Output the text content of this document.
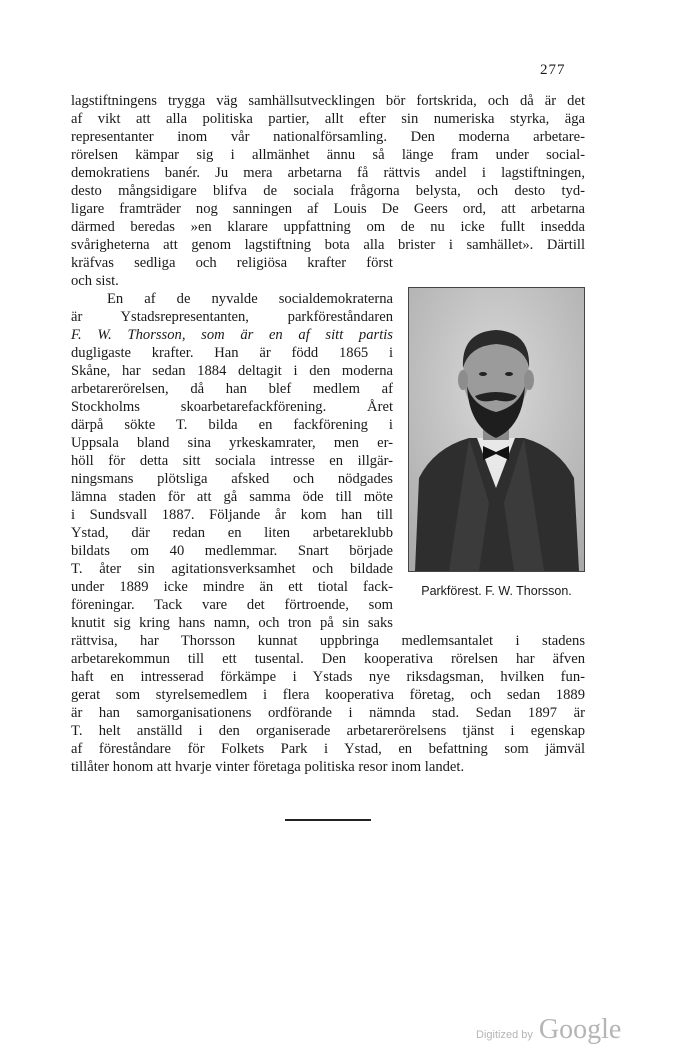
277
lagstiftningens trygga väg samhällsutvecklingen bör fortskrida, och då är det
af vikt att alla politiska partier, allt efter sin numeriska styrka, äga
representanter inom vår nationalförsamling. Den moderna arbetare-
rörelsen kämpar sig i allmänhet ännu så länge fram under social-
demokratiens banér. Ju mera arbetarna få rättvis andel i lagstiftningen,
desto mångsidigare blifva de sociala frågorna belysta, och desto tyd-
ligare framträder nog sanningen af Louis De Geers ord, att arbetarna
därmed beredas »en klarare uppfattning om de nu icke fullt insedda
svårigheterna att genom lagstiftning bota alla brister i samhället». Därtill
kräfvas sedliga och religiösa krafter först
och sist.
En af de nyvalde socialdemokraterna
är Ystadsrepresentanten, parkföreståndaren
F. W. Thorsson, som är en af sitt partis
dugligaste krafter. Han är född 1865 i
Skåne, har sedan 1884 deltagit i den moderna
arbetarerörelsen, då han blef medlem af
Stockholms skoarbetarefackförening. Året
därpå sökte T. bilda en fackförening i
Uppsala bland sina yrkeskamrater, men er-
höll för detta sitt sociala intresse en illgär-
ningsmans plötsliga afsked och nödgades
lämna staden för att gå samma öde till möte
i Sundsvall 1887. Följande år kom han till
Ystad, där redan en liten arbetareklubb
bildats om 40 medlemmar. Snart började
T. åter sin agitationsverksamhet och bildade
under 1889 icke mindre än ett tiotal fack-
föreningar. Tack vare det förtroende, som
knutit sig kring hans namn, och tron på sin saks
rättvisa, har Thorsson kunnat uppbringa medlemsantalet i stadens
arbetarekommun till ett tusental. Den kooperativa rörelsen har äfven
haft en intresserad förkämpe i Ystads nye riksdagsman, hvilken fun-
gerat som styrelsemedlem i flera kooperativa företag, och sedan 1889
är han samorganisationens ordförande i nämnda stad. Sedan 1897 är
T. helt anställd i den organiserade arbetarerörelsens tjänst i egenskap
af föreståndare för Folkets Park i Ystad, en befattning som jämväl
tillåter honom att hvarje vinter företaga politiska resor inom landet.
Parkförest. F. W. Thorsson.
Digitized by Google
